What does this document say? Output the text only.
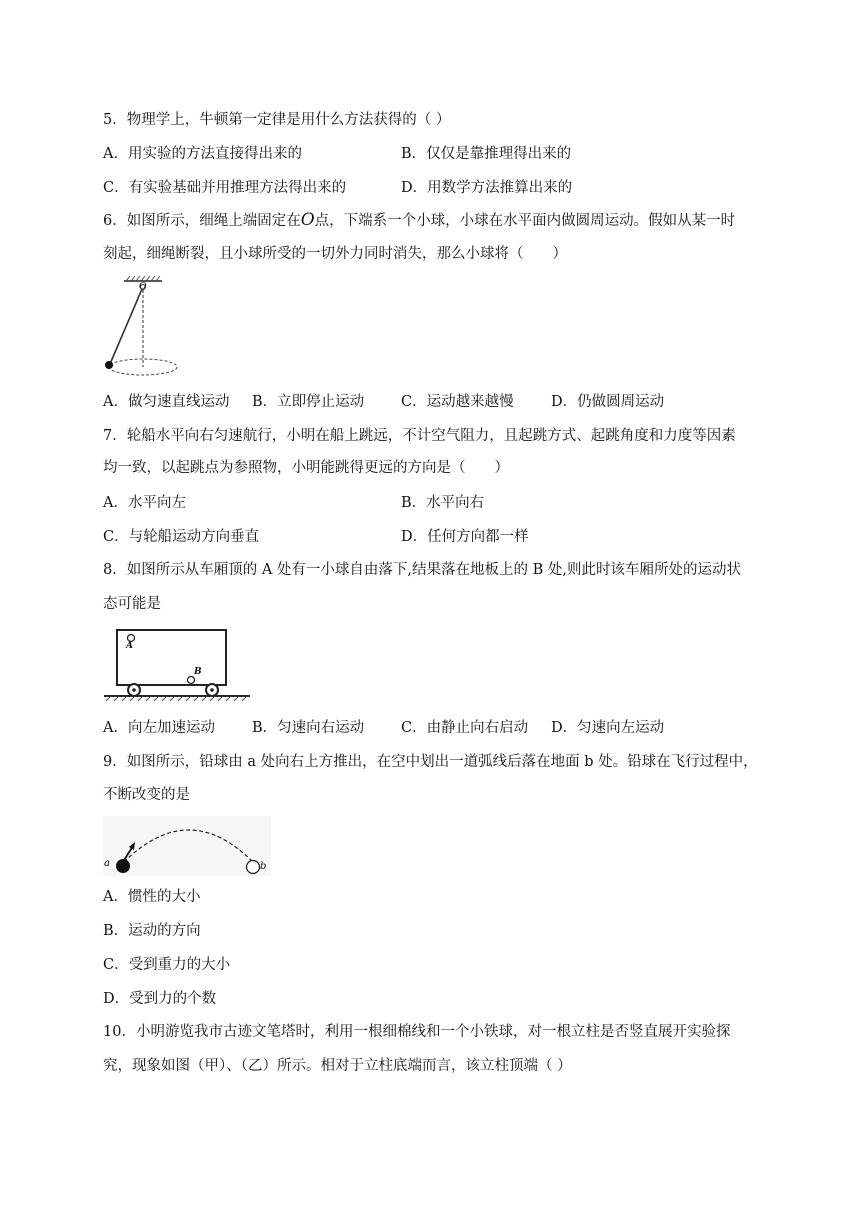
5．物理学上，牛顿第一定律是用什么方法获得的（ ）
A．用实验的方法直接得出来的	B．仅仅是靠推理得出来的
C．有实验基础并用推理方法得出来的	D．用数学方法推算出来的
6．如图所示，细绳上端固定在O点，下端系一个小球，小球在水平面内做圆周运动。假如从某一时
刻起，细绳断裂，且小球所受的一切外力同时消失，那么小球将（　　）
O
A．做匀速直线运动 B．立即停止运动	C．运动越来越慢	D．仍做圆周运动
7．轮船水平向右匀速航行，小明在船上跳远，不计空气阻力，且起跳方式、起跳角度和力度等因素
均一致，以起跳点为参照物，小明能跳得更远的方向是（　　）
A．水平向左	B．水平向右
C．与轮船运动方向垂直	D．任何方向都一样
8．如图所示从车厢顶的 A 处有一小球自由落下,结果落在地板上的 B 处,则此时该车厢所处的运动状
态可能是
A
B
A．向左加速运动	B．匀速向右运动	C．由静止向右启动 D．匀速向左运动
9．如图所示，铅球由 a 处向右上方推出，在空中划出一道弧线后落在地面 b 处。铅球在飞行过程中，
不断改变的是
a	b
A．惯性的大小
B．运动的方向
C．受到重力的大小
D．受到力的个数
10．小明游览我市古迹文笔塔时，利用一根细棉线和一个小铁球，对一根立柱是否竖直展开实验探
究，现象如图（甲）、（乙）所示。相对于立柱底端而言，该立柱顶端（ ）
